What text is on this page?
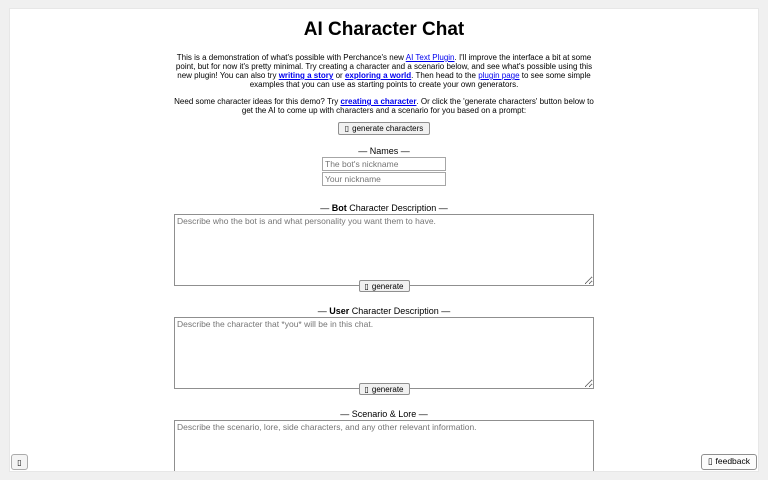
AI Character Chat

This is a demonstration of what's possible with Perchance's new AI Text Plugin. I'll improve the interface a bit at some point, but for now it's pretty minimal. Try creating a character and a scenario below, and see what's possible using this new plugin! You can also try writing a story or exploring a world. Then head to the plugin page to see some simple examples that you can use as starting points to create your own generators.

Need some character ideas for this demo? Try creating a character. Or click the 'generate characters' button below to get the AI to come up with characters and a scenario for you based on a prompt:

▯ generate characters
— Names —
The bot's nickname
Your nickname
— Bot Character Description —
Describe who the bot is and what personality you want them to have.
▯ generate
— User Character Description —
Describe the character that *you* will be in this chat.
▯ generate
— Scenario & Lore —
Describe the scenario, lore, side characters, and any other relevant information.
▯	▯ feedback
